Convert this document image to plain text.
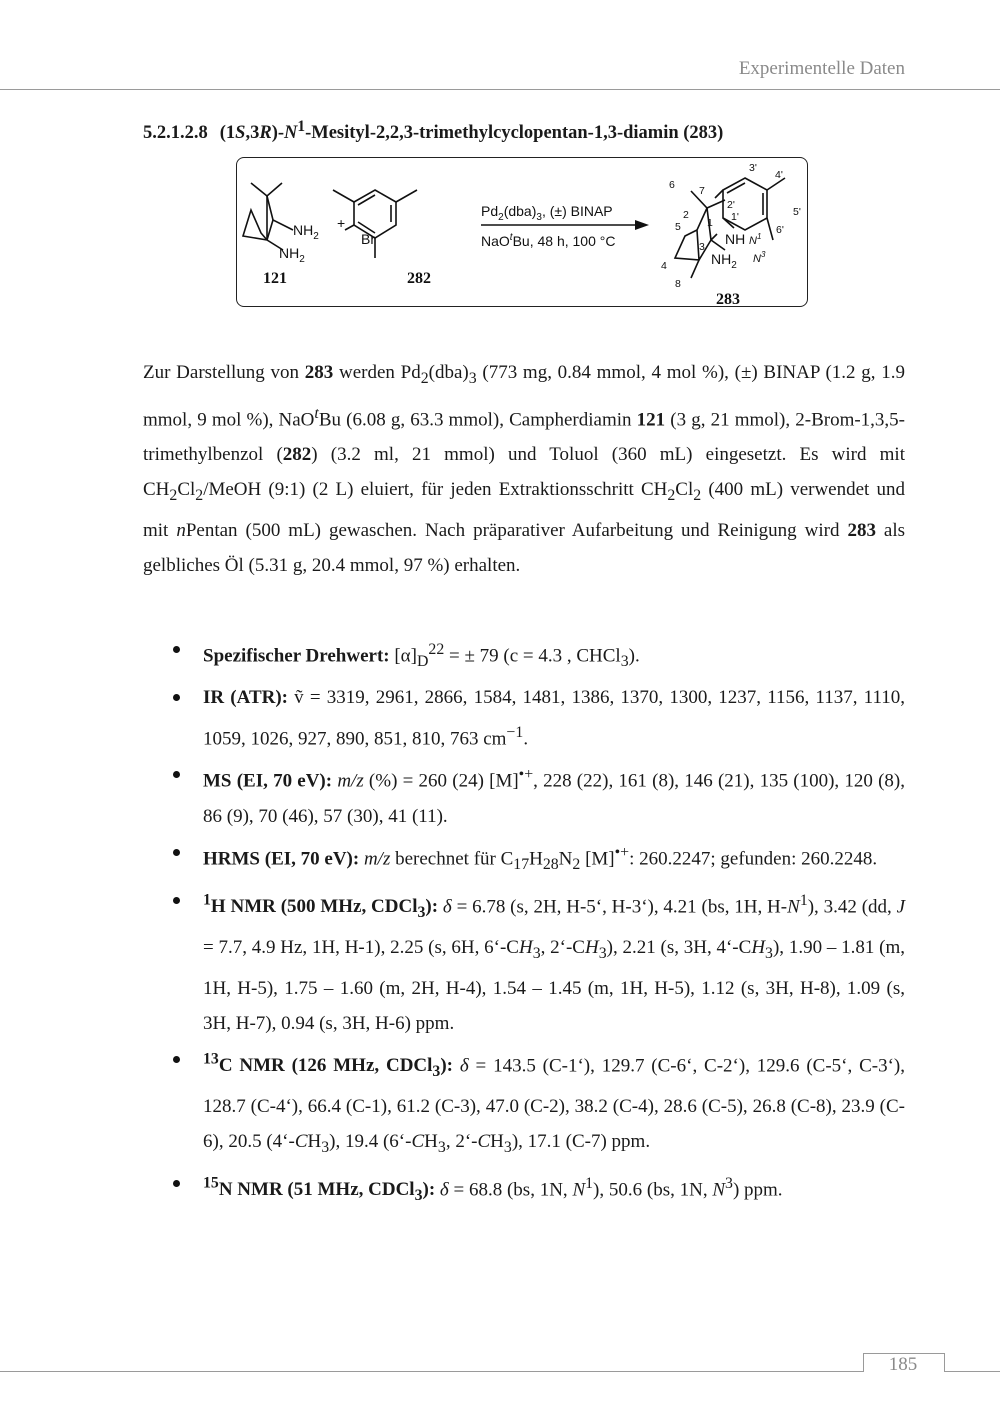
Experimentelle Daten
5.2.1.2.8 $(1S,3R)-N^1-Mesityl-2,2,3-trimethylcyclopentan-1,3$-diamin (283)
$NH_2$
$NH_2$
+
Br
$Pd_2(dba)_3$, (±) BINAP
NaO$^t$Bu, 48 h, 100 °C	NH $N^1$
$NH_2$
$N^3$
3'
4'
2'
1'	5'
6'
6 7
2
1
5
3
4
8
121	282
283

Zur Darstellung von 283 werden $Pd_2(dba)_3$ (773 mg, 0.84 mmol, 4 mol %), (±) BINAP (1.2 g, 1.9 mmol, 9 mol %), NaO$^t$Bu (6.08 g, 63.3 mmol), Campherdiamin 121 (3 g, 21 mmol), 2-Brom-1,3,5-trimethylbenzol (282) (3.2 ml, 21 mmol) und Toluol (360 mL) eingesetzt. Es wird mit $CH_2Cl_2$/MeOH (9:1) (2 L) eluiert, für jeden Extraktionsschritt $CH_2Cl_2$ (400 mL) verwendet und mit nPentan (500 mL) gewaschen. Nach präparativer Aufarbeitung und Reinigung wird 283 als gelbliches Öl (5.31 g, 20.4 mmol, 97 %) erhalten.

Spezifischer Drehwert: $[\alpha]_D^{22}$ = ± 79 (c = 4.3 , CHCl$_3$).
IR (ATR): ṽ = 3319, 2961, 2866, 1584, 1481, 1386, 1370, 1300, 1237, 1156, 1137, 1110, 1059, 1026, 927, 890, 851, 810, 763 $cm^{-1}$.
MS (EI, 70 eV): m/z (%) = 260 (24) [M]•+, 228 (22), 161 (8), 146 (21), 135 (100), 120 (8), 86 (9), 70 (46), 57 (30), 41 (11).
HRMS (EI, 70 eV): m/z berechnet für $C_{17}H_{28}N_2$ [M]•+: 260.2247; gefunden: 260.2248.
$^1$H NMR (500 MHz, CDCl$_3$): δ = 6.78 (s, 2H, H-5‘, H-3‘), 4.21 (bs, 1H, $H-N^1$), 3.42 (dd, J = 7.7, 4.9 Hz, 1H, H-1), 2.25 (s, 6H, $6‘-CH_3$, $2‘-CH_3$), 2.21 (s, 3H, $4‘-CH_3$), 1.90 – 1.81 (m, 1H, H-5), 1.75 – 1.60 (m, 2H, H-4), 1.54 – 1.45 (m, 1H, H-5), 1.12 (s, 3H, H-8), 1.09 (s, 3H, H-7), 0.94 (s, 3H, H-6) ppm.
$^{13}$C NMR (126 MHz, CDCl$_3$): δ = 143.5 (C-1‘), 129.7 (C-6‘, C-2‘), 129.6 (C-5‘, C-3‘), 128.7 (C-4‘), 66.4 (C-1), 61.2 (C-3), 47.0 (C-2), 38.2 (C-4), 28.6 (C-5), 26.8 (C-8), 23.9 (C-6), 20.5 $(4‘-CH_3)$, 19.4 ($6‘-CH_3$, $2‘-CH_3$), 17.1 (C-7) ppm.
$^{15}$N NMR (51 MHz, CDCl$_3$): δ = 68.8 (bs, 1N, $N^1$), 50.6 (bs, 1N, $N^3$) ppm.
185
